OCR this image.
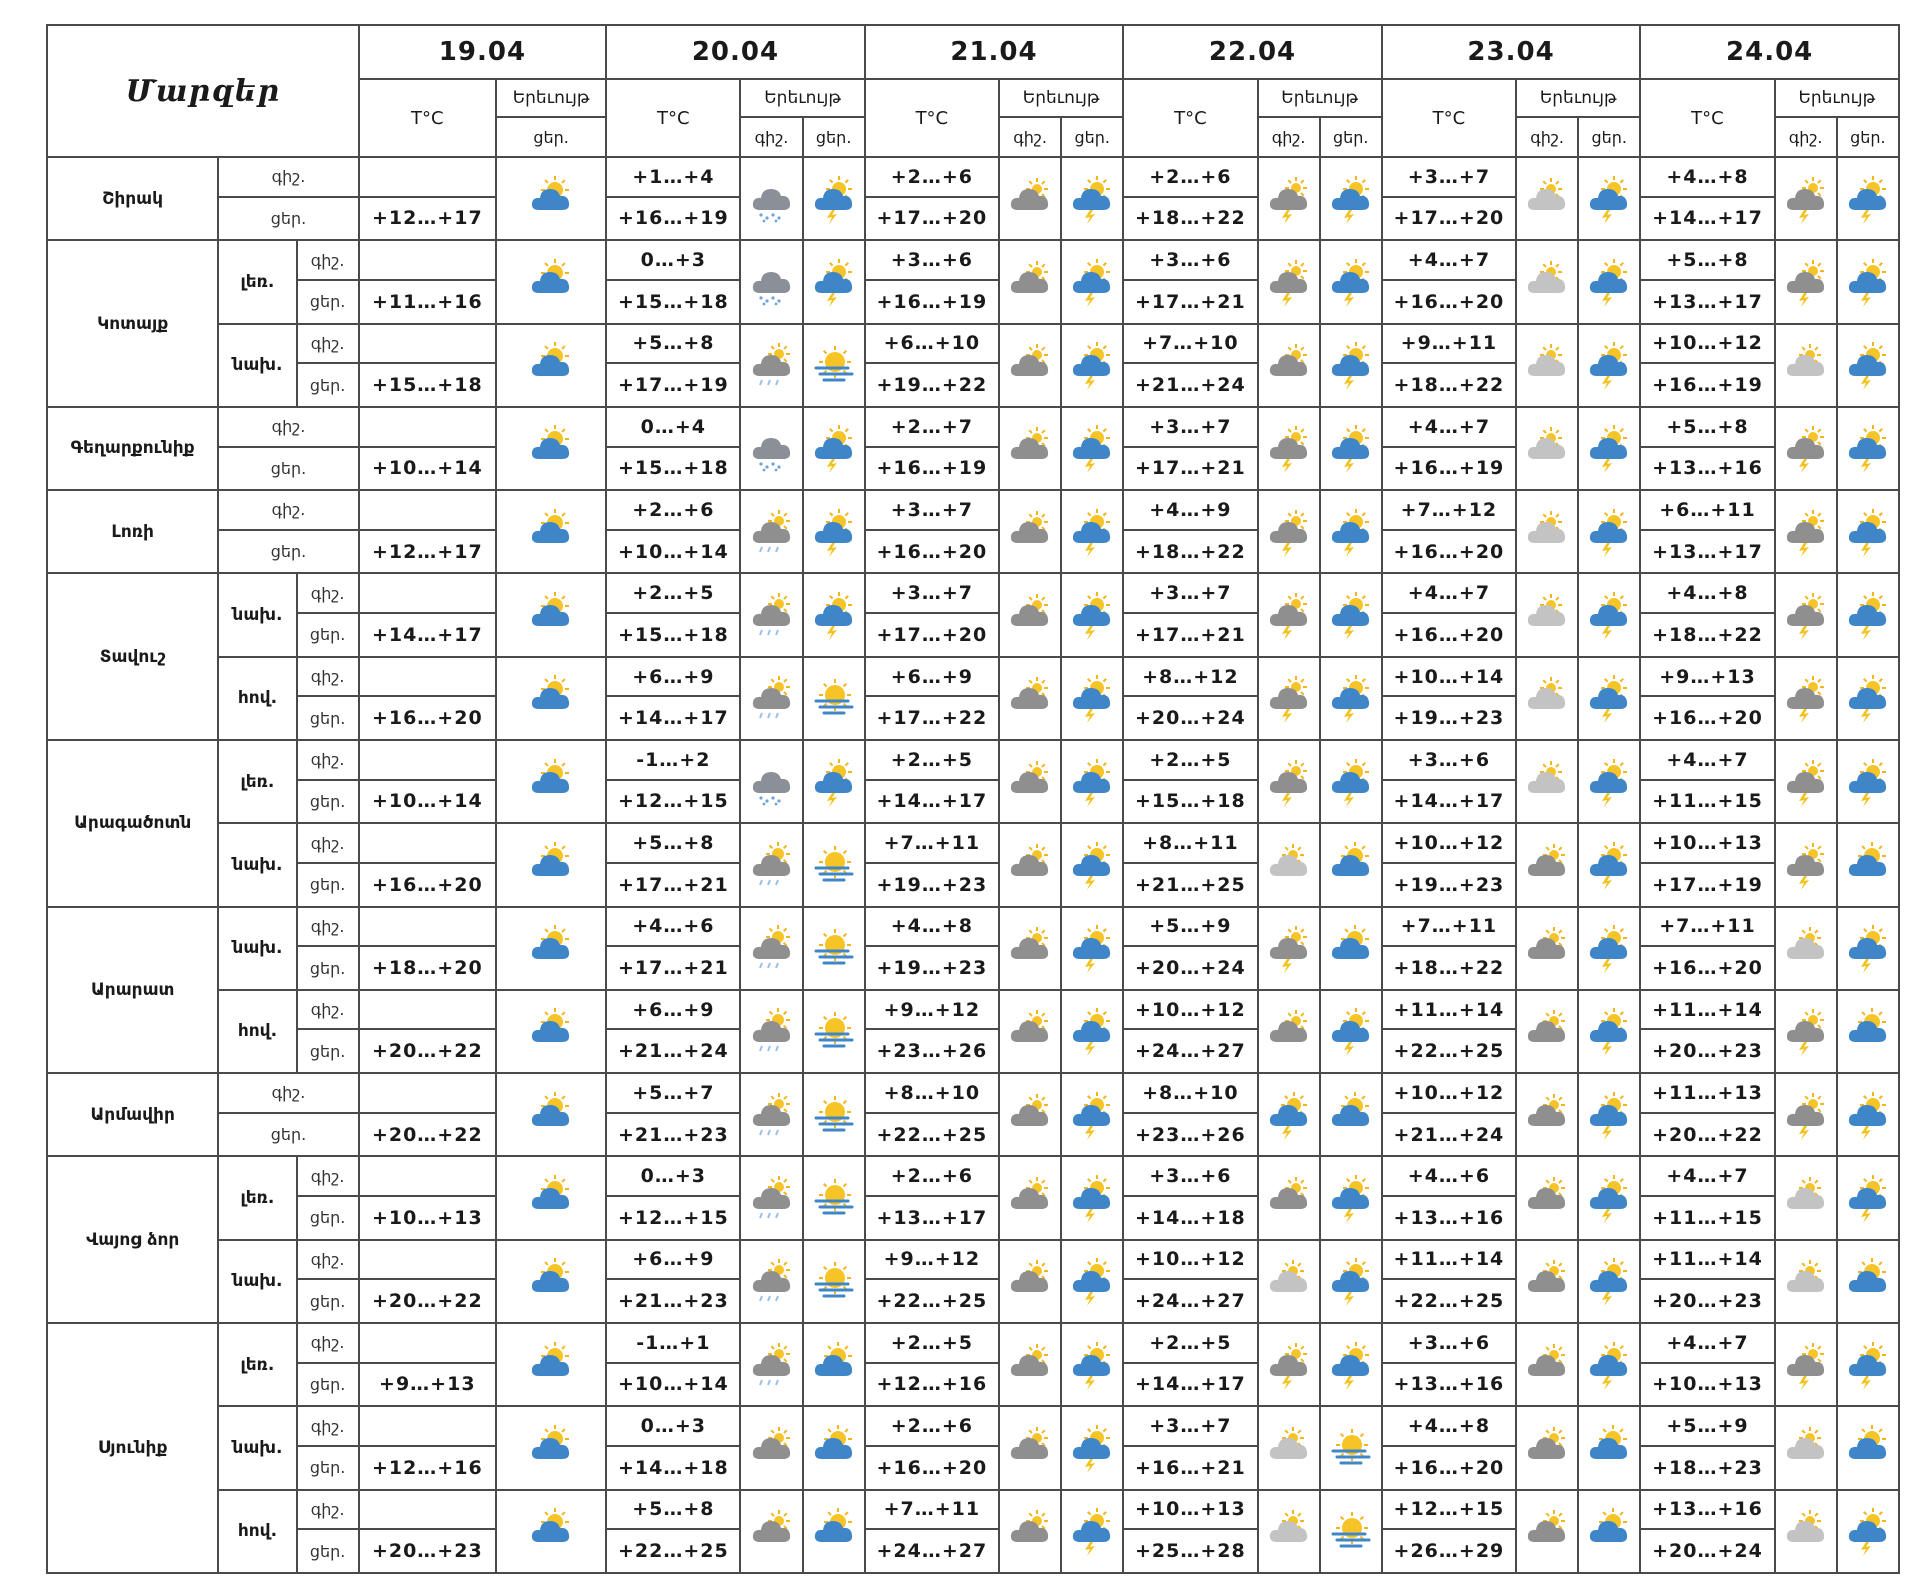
Մարզեր			19.04		20.04			21.04			22.04			23.04			24.04		
			T°C	Երեւույթ	T°C	Երեւույթ		T°C	Երեւույթ		T°C	Երեւույթ		T°C	Երեւույթ		T°C	Երեւույթ	
				ցեր.		գիշ.	ցեր.		գիշ.	ցեր.		գիշ.	ցեր.		գիշ.	ցեր.		գիշ.	ցեր.
Շիրակ	գիշ.				+1…+4			+2…+6			+2…+6			+3…+7			+4…+8	

	ցեր.		+12…+17		+16…+19			+17…+20			+18…+22			+17…+20			+14…+17		
Կոտայք	լեռ.	գիշ.			0…+3			+3…+6			+3…+6			+4…+7			+5…+8	

		ցեր.	+11…+16		+15…+18			+16…+19			+17…+21			+16…+20			+13…+17		
	նախ.	գիշ.			+5…+8			+6…+10			+7…+10			+9…+11			+10…+12	

		ցեր.	+15…+18		+17…+19			+19…+22			+21…+24			+18…+22			+16…+19		
Գեղարքունիք	գիշ.				0…+4			+2…+7			+3…+7			+4…+7			+5…+8	

	ցեր.		+10…+14		+15…+18			+16…+19			+17…+21			+16…+19			+13…+16		
Լոռի	գիշ.				+2…+6			+3…+7			+4…+9			+7…+12			+6…+11	

	ցեր.		+12…+17		+10…+14			+16…+20			+18…+22			+16…+20			+13…+17		
Տավուշ	նախ.	գիշ.			+2…+5			+3…+7			+3…+7			+4…+7			+4…+8	

		ցեր.	+14…+17		+15…+18			+17…+20			+17…+21			+16…+20			+18…+22		
	հով.	գիշ.			+6…+9			+6…+9			+8…+12			+10…+14			+9…+13	

		ցեր.	+16…+20		+14…+17			+17…+22			+20…+24			+19…+23			+16…+20		
Արագածոտն	լեռ.	գիշ.			-1…+2			+2…+5			+2…+5			+3…+6			+4…+7	

		ցեր.	+10…+14		+12…+15			+14…+17			+15…+18			+14…+17			+11…+15		
	նախ.	գիշ.			+5…+8			+7…+11			+8…+11			+10…+12			+10…+13	

		ցեր.	+16…+20		+17…+21			+19…+23			+21…+25			+19…+23			+17…+19		
Արարատ	նախ.	գիշ.			+4…+6			+4…+8			+5…+9			+7…+11			+7…+11	

		ցեր.	+18…+20		+17…+21			+19…+23			+20…+24			+18…+22			+16…+20		
	հով.	գիշ.			+6…+9			+9…+12			+10…+12			+11…+14			+11…+14	

		ցեր.	+20…+22		+21…+24			+23…+26			+24…+27			+22…+25			+20…+23		
Արմավիր	գիշ.				+5…+7			+8…+10			+8…+10			+10…+12			+11…+13	

	ցեր.		+20…+22		+21…+23			+22…+25			+23…+26			+21…+24			+20…+22		
Վայոց ձոր	լեռ.	գիշ.			0…+3			+2…+6			+3…+6			+4…+6			+4…+7	

		ցեր.	+10…+13		+12…+15			+13…+17			+14…+18			+13…+16			+11…+15		
	նախ.	գիշ.			+6…+9			+9…+12			+10…+12			+11…+14			+11…+14	

		ցեր.	+20…+22		+21…+23			+22…+25			+24…+27			+22…+25			+20…+23		
Սյունիք	լեռ.	գիշ.			-1…+1			+2…+5			+2…+5			+3…+6			+4…+7	

		ցեր.	+9…+13		+10…+14			+12…+16			+14…+17			+13…+16			+10…+13		
	նախ.	գիշ.			0…+3			+2…+6			+3…+7			+4…+8			+5…+9	

		ցեր.	+12…+16		+14…+18			+16…+20			+16…+21			+16…+20			+18…+23		
	հով.	գիշ.			+5…+8			+7…+11			+10…+13			+12…+15			+13…+16	

		ցեր.	+20…+23		+22…+25			+24…+27			+25…+28			+26…+29			+20…+24		
